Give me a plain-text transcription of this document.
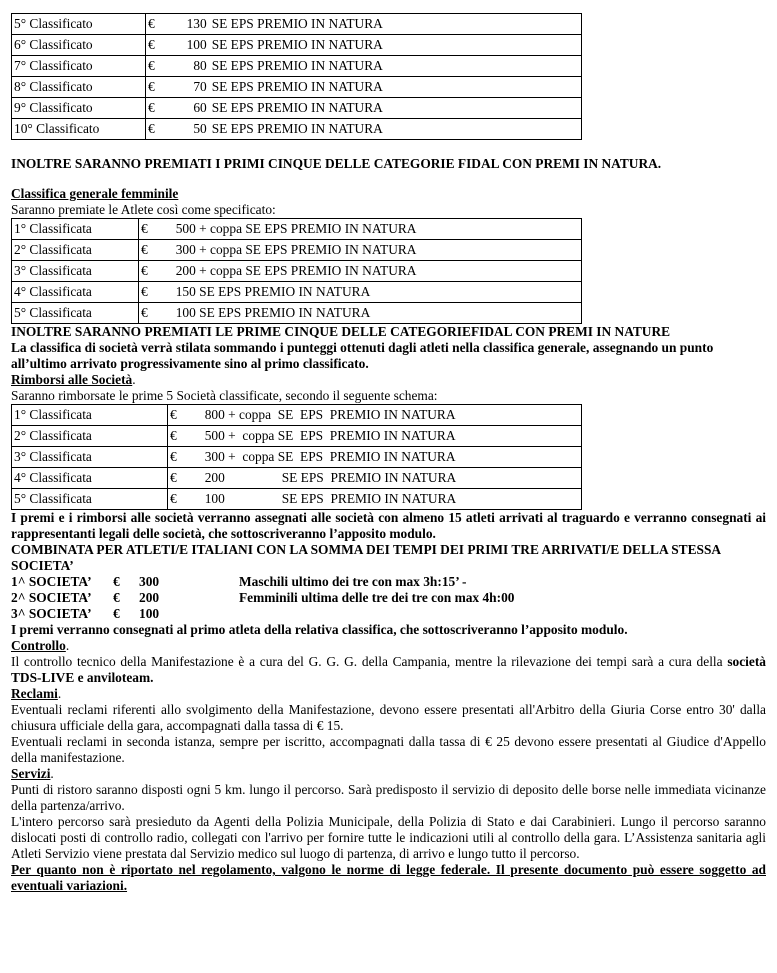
5° Classificato	€ 130 SE EPS PREMIO IN NATURA
6° Classificato	€ 100 SE EPS PREMIO IN NATURA
7° Classificato	€ 80 SE EPS PREMIO IN NATURA
8° Classificato	€ 70 SE EPS PREMIO IN NATURA
9° Classificato	€ 60 SE EPS PREMIO IN NATURA
10° Classificato	€ 50 SE EPS PREMIO IN NATURA

INOLTRE SARANNO PREMIATI I PRIMI CINQUE DELLE CATEGORIE FIDAL CON PREMI IN NATURA.

Classifica generale femminile

Saranno premiate le Atlete così come specificato:

1° Classificata	€ 500 + coppa SE EPS PREMIO IN NATURA
2° Classificata	€ 300 + coppa SE EPS PREMIO IN NATURA
3° Classificata	€ 200 + coppa SE EPS PREMIO IN NATURA
4° Classificata	€ 150 SE EPS PREMIO IN NATURA
5° Classificata	€ 100 SE EPS PREMIO IN NATURA

INOLTRE SARANNO PREMIATI LE PRIME CINQUE DELLE CATEGORIEFIDAL CON PREMI IN NATURE

La classifica di società verrà stilata sommando i punteggi ottenuti dagli atleti nella classifica generale, assegnando un punto all’ultimo arrivato progressivamente sino al primo classificato.

Rimborsi alle Società.

Saranno rimborsate le prime 5 Società classificate, secondo il seguente schema:

1° Classificata	€ 800 + coppa  SE  EPS  PREMIO IN NATURA
2° Classificata	€ 500 +  coppa SE  EPS  PREMIO IN NATURA
3° Classificata	€ 300 +  coppa SE  EPS  PREMIO IN NATURA
4° Classificata	€ 200                 SE EPS  PREMIO IN NATURA
5° Classificata	€ 100                 SE EPS  PREMIO IN NATURA

I premi e i rimborsi alle società verranno assegnati alle società con almeno 15 atleti arrivati al traguardo e verranno consegnati ai rappresentanti legali delle società, che sottoscriveranno l’apposito modulo.

COMBINATA PER ATLETI/E ITALIANI CON LA SOMMA DEI TEMPI DEI PRIMI TRE ARRIVATI/E DELLA STESSA SOCIETA’

1^ SOCIETA’	€	300	Maschili ultimo dei tre con max 3h:15’ -
2^ SOCIETA’	€	200	Femminili ultima delle tre dei tre con max 4h:00
3^ SOCIETA’	€	100

I premi verranno consegnati al primo atleta della relativa classifica, che sottoscriveranno l’apposito modulo.

Controllo.

Il controllo tecnico della Manifestazione è a cura del G. G. G. della Campania, mentre la rilevazione dei tempi sarà a cura della società TDS-LIVE e anviloteam.

Reclami.

Eventuali reclami riferenti allo svolgimento della Manifestazione, devono essere presentati all'Arbitro della Giuria Corse entro 30' dalla chiusura ufficiale della gara, accompagnati dalla tassa di € 15.

Eventuali reclami in seconda istanza, sempre per iscritto, accompagnati dalla tassa di € 25 devono essere presentati al Giudice d'Appello della manifestazione.

Servizi.

Punti di ristoro saranno disposti ogni 5 km. lungo il percorso. Sarà predisposto il servizio di deposito delle borse nelle immediata vicinanze della partenza/arrivo.

L'intero percorso sarà presieduto da Agenti della Polizia Municipale, della Polizia di Stato e dai Carabinieri. Lungo il percorso saranno dislocati posti di controllo radio, collegati con l'arrivo per fornire tutte le indicazioni utili al controllo della gara. L’Assistenza sanitaria agli Atleti Servizio viene prestata dal Servizio medico sul luogo di partenza, di arrivo e lungo tutto il percorso.

Per quanto non è riportato nel regolamento, valgono le norme di legge federale. Il presente documento può essere soggetto ad eventuali variazioni.
